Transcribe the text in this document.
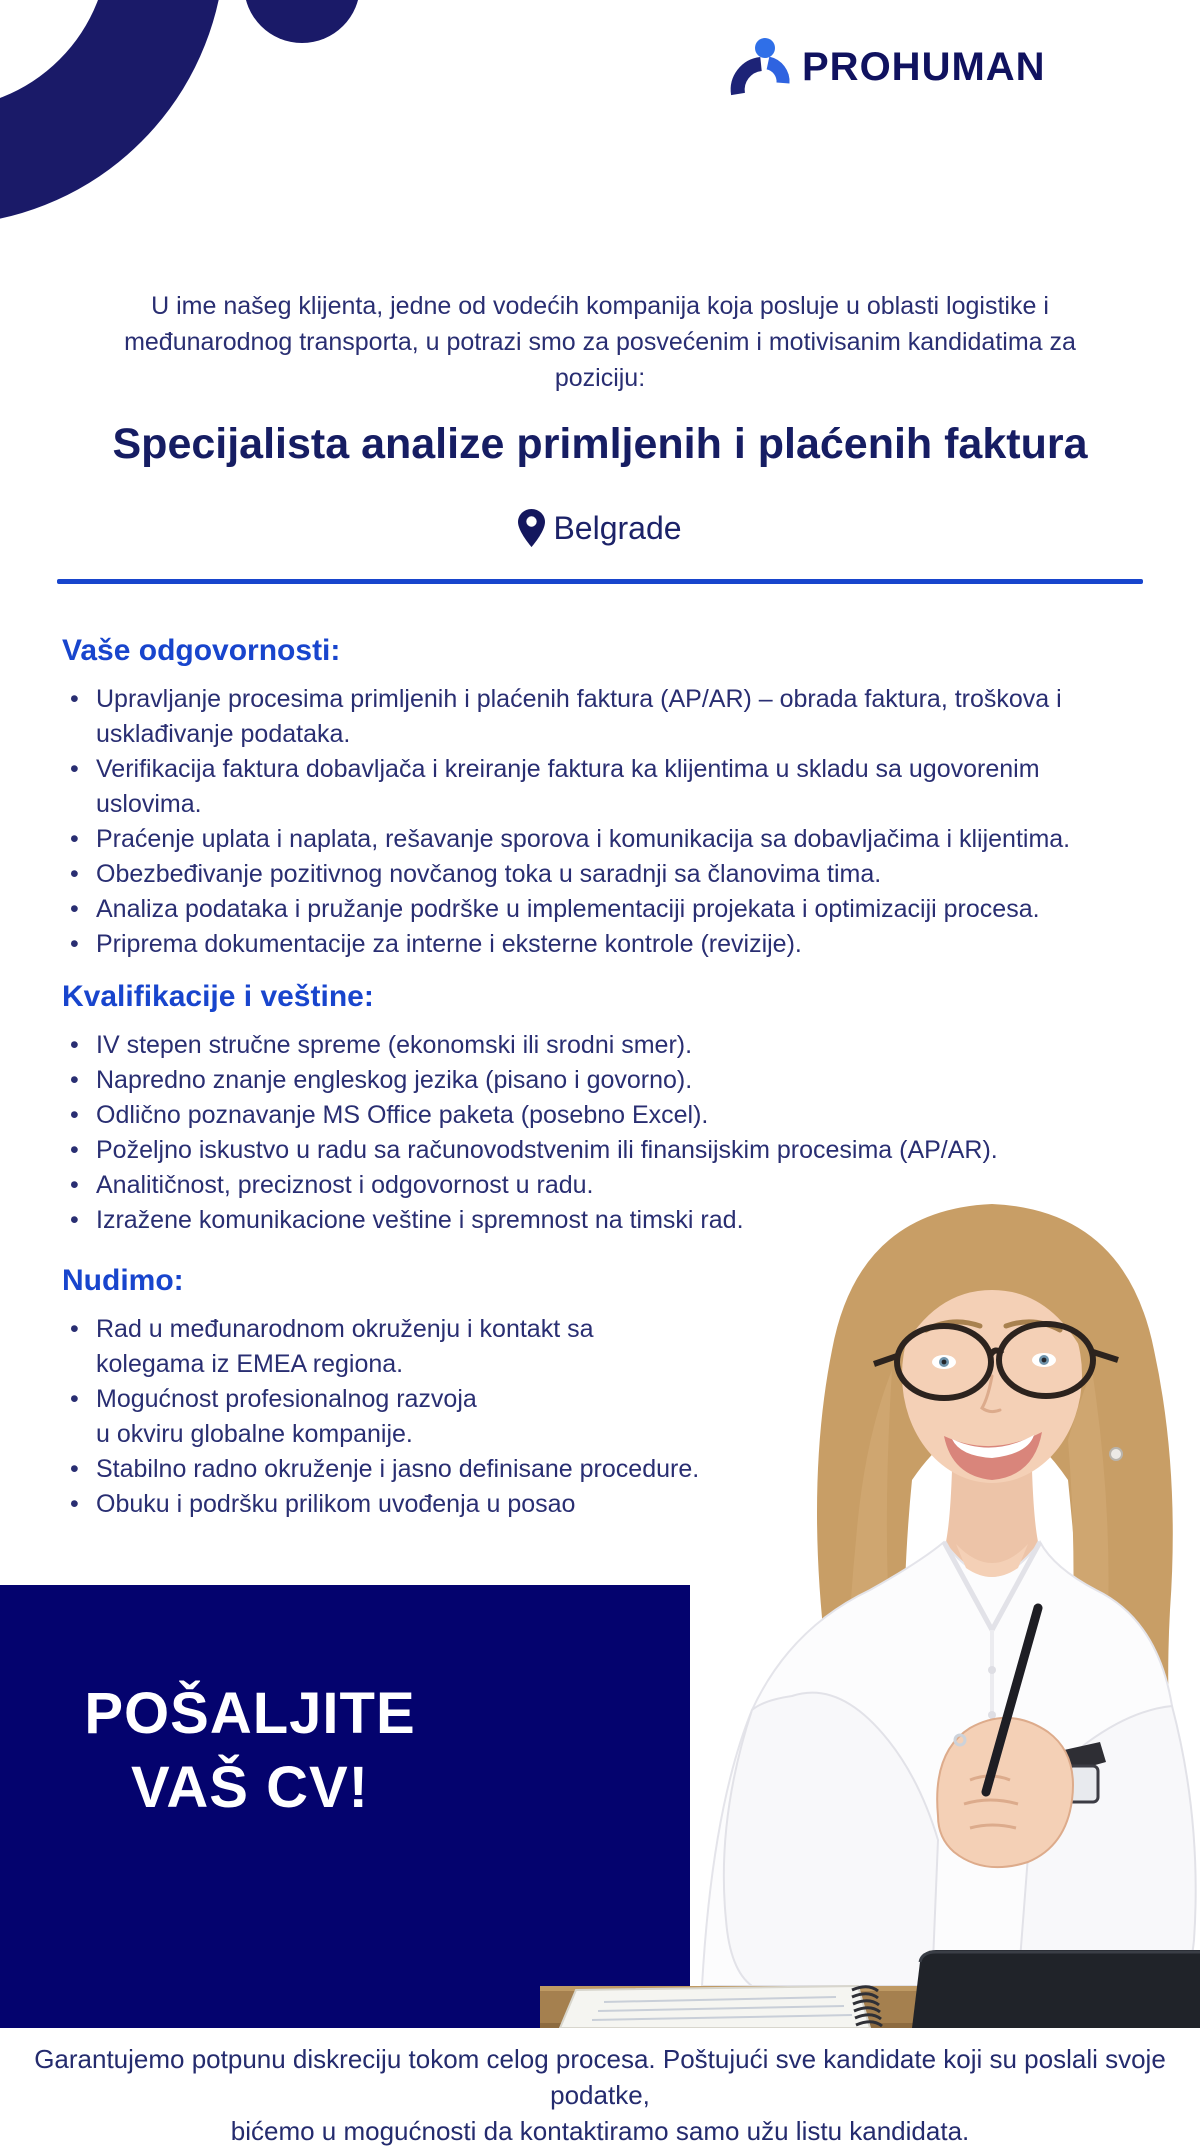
PROHUMAN
U ime našeg klijenta, jedne od vodećih kompanija koja posluje u oblasti logistike i
međunarodnog transporta, u potrazi smo za posvećenim i motivisanim kandidatima za poziciju:
Specijalista analize primljenih i plaćenih faktura
Belgrade
Vaše odgovornosti:
• Upravljanje procesima primljenih i plaćenih faktura (AP/AR) – obrada faktura, troškova i
usklađivanje podataka.
• Verifikacija faktura dobavljača i kreiranje faktura ka klijentima u skladu sa ugovorenim
uslovima.
• Praćenje uplata i naplata, rešavanje sporova i komunikacija sa dobavljačima i klijentima.
• Obezbeđivanje pozitivnog novčanog toka u saradnji sa članovima tima.
• Analiza podataka i pružanje podrške u implementaciji projekata i optimizaciji procesa.
• Priprema dokumentacije za interne i eksterne kontrole (revizije).
Kvalifikacije i veštine:
• IV stepen stručne spreme (ekonomski ili srodni smer).
• Napredno znanje engleskog jezika (pisano i govorno).
• Odlično poznavanje MS Office paketa (posebno Excel).
• Poželjno iskustvo u radu sa računovodstvenim ili finansijskim procesima (AP/AR).
• Analitičnost, preciznost i odgovornost u radu.
• Izražene komunikacione veštine i spremnost na timski rad.
Nudimo:
• Rad u međunarodnom okruženju i kontakt sa
kolegama iz EMEA regiona.
• Mogućnost profesionalnog razvoja
u okviru globalne kompanije.
• Stabilno radno okruženje i jasno definisane procedure.
• Obuku i podršku prilikom uvođenja u posao
POŠALJITE
VAŠ CV!
Garantujemo potpunu diskreciju tokom celog procesa. Poštujući sve kandidate koji su poslali svoje podatke,
bićemo u mogućnosti da kontaktiramo samo užu listu kandidata.
